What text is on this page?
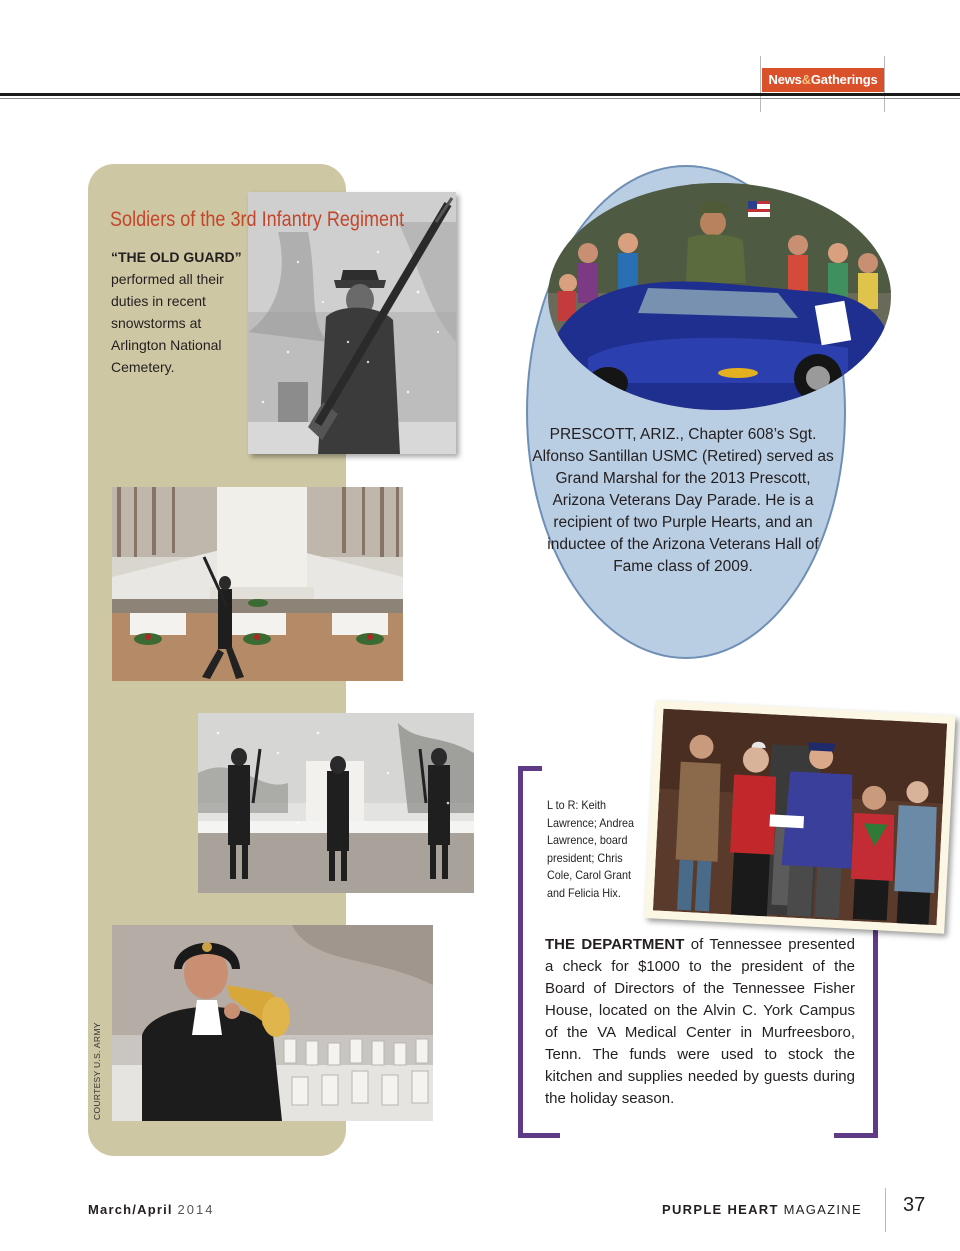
News&Gatherings
Soldiers of the 3rd Infantry Regiment
“THE OLD GUARD” performed all their duties in recent snowstorms at Arlington National Cemetery.
COURTESY U.S. ARMY
PRESCOTT, ARIZ., Chapter 608’s Sgt. Alfonso Santillan USMC (Retired) served as Grand Marshal for the 2013 Prescott, Arizona Veterans Day Parade. He is a recipient of two Purple Hearts, and an inductee of the Arizona Veterans Hall of Fame class of 2009.
L to R: Keith Lawrence; Andrea Lawrence, board president; Chris Cole, Carol Grant and Felicia Hix.
THE DEPARTMENT of Tennessee presented a check for $1000 to the president of the Board of Directors of the Tennessee Fisher House, located on the Alvin C. York Campus of the VA Medical Center in Murfreesboro, Tenn. The funds were used to stock the kitchen and supplies needed by guests during the holiday season.
March/April 2014	PURPLE HEART MAGAZINE 37
